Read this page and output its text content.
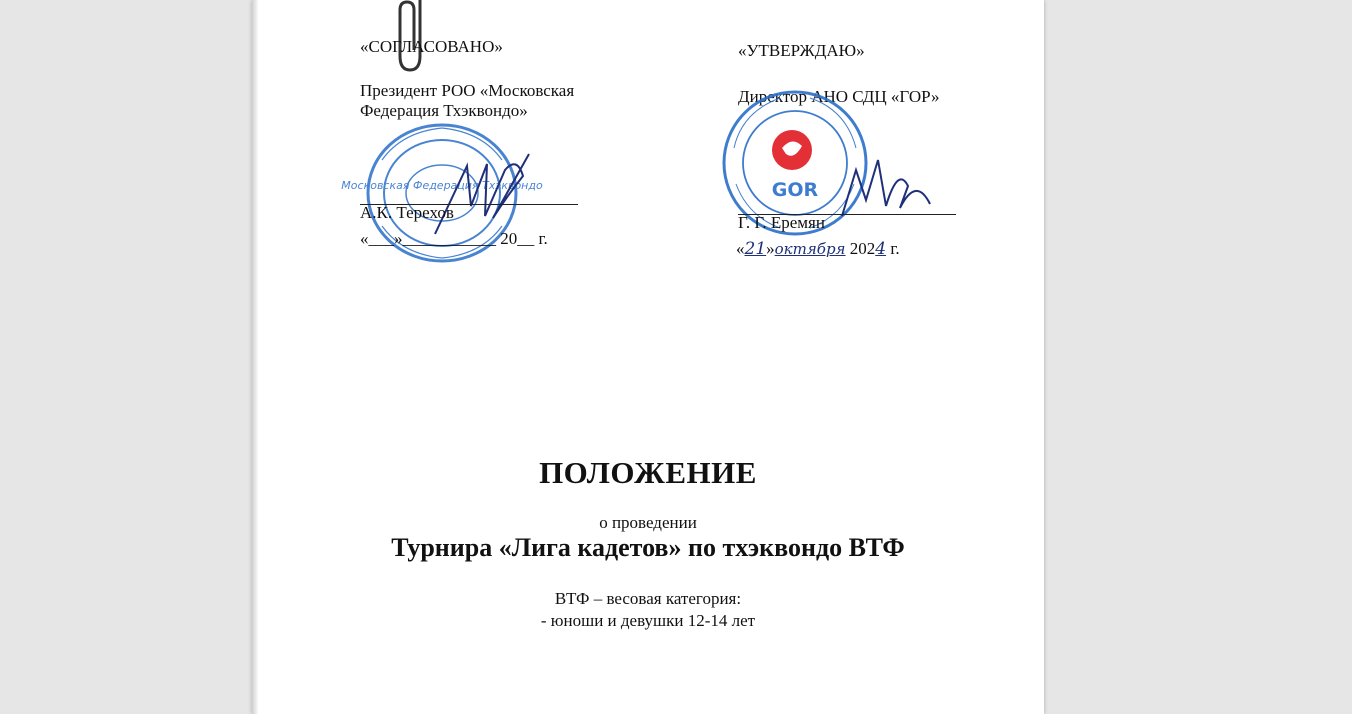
«СОГЛАСОВАНО»
Президент РОО «Московская
Федерация Тхэквондо»
Московская Федерация Тхэквондо
А.К. Терехов
«___»___________ 20__ г.
«УТВЕРЖДАЮ»
Директор АНО СДЦ «ГОР»
GOR
Г. Г. Еремян
«21»октября 2024 г.
ПОЛОЖЕНИЕ
о проведении
Турнира «Лига кадетов» по тхэквондо ВТФ
ВТФ – весовая категория:
- юноши и девушки 12-14 лет
